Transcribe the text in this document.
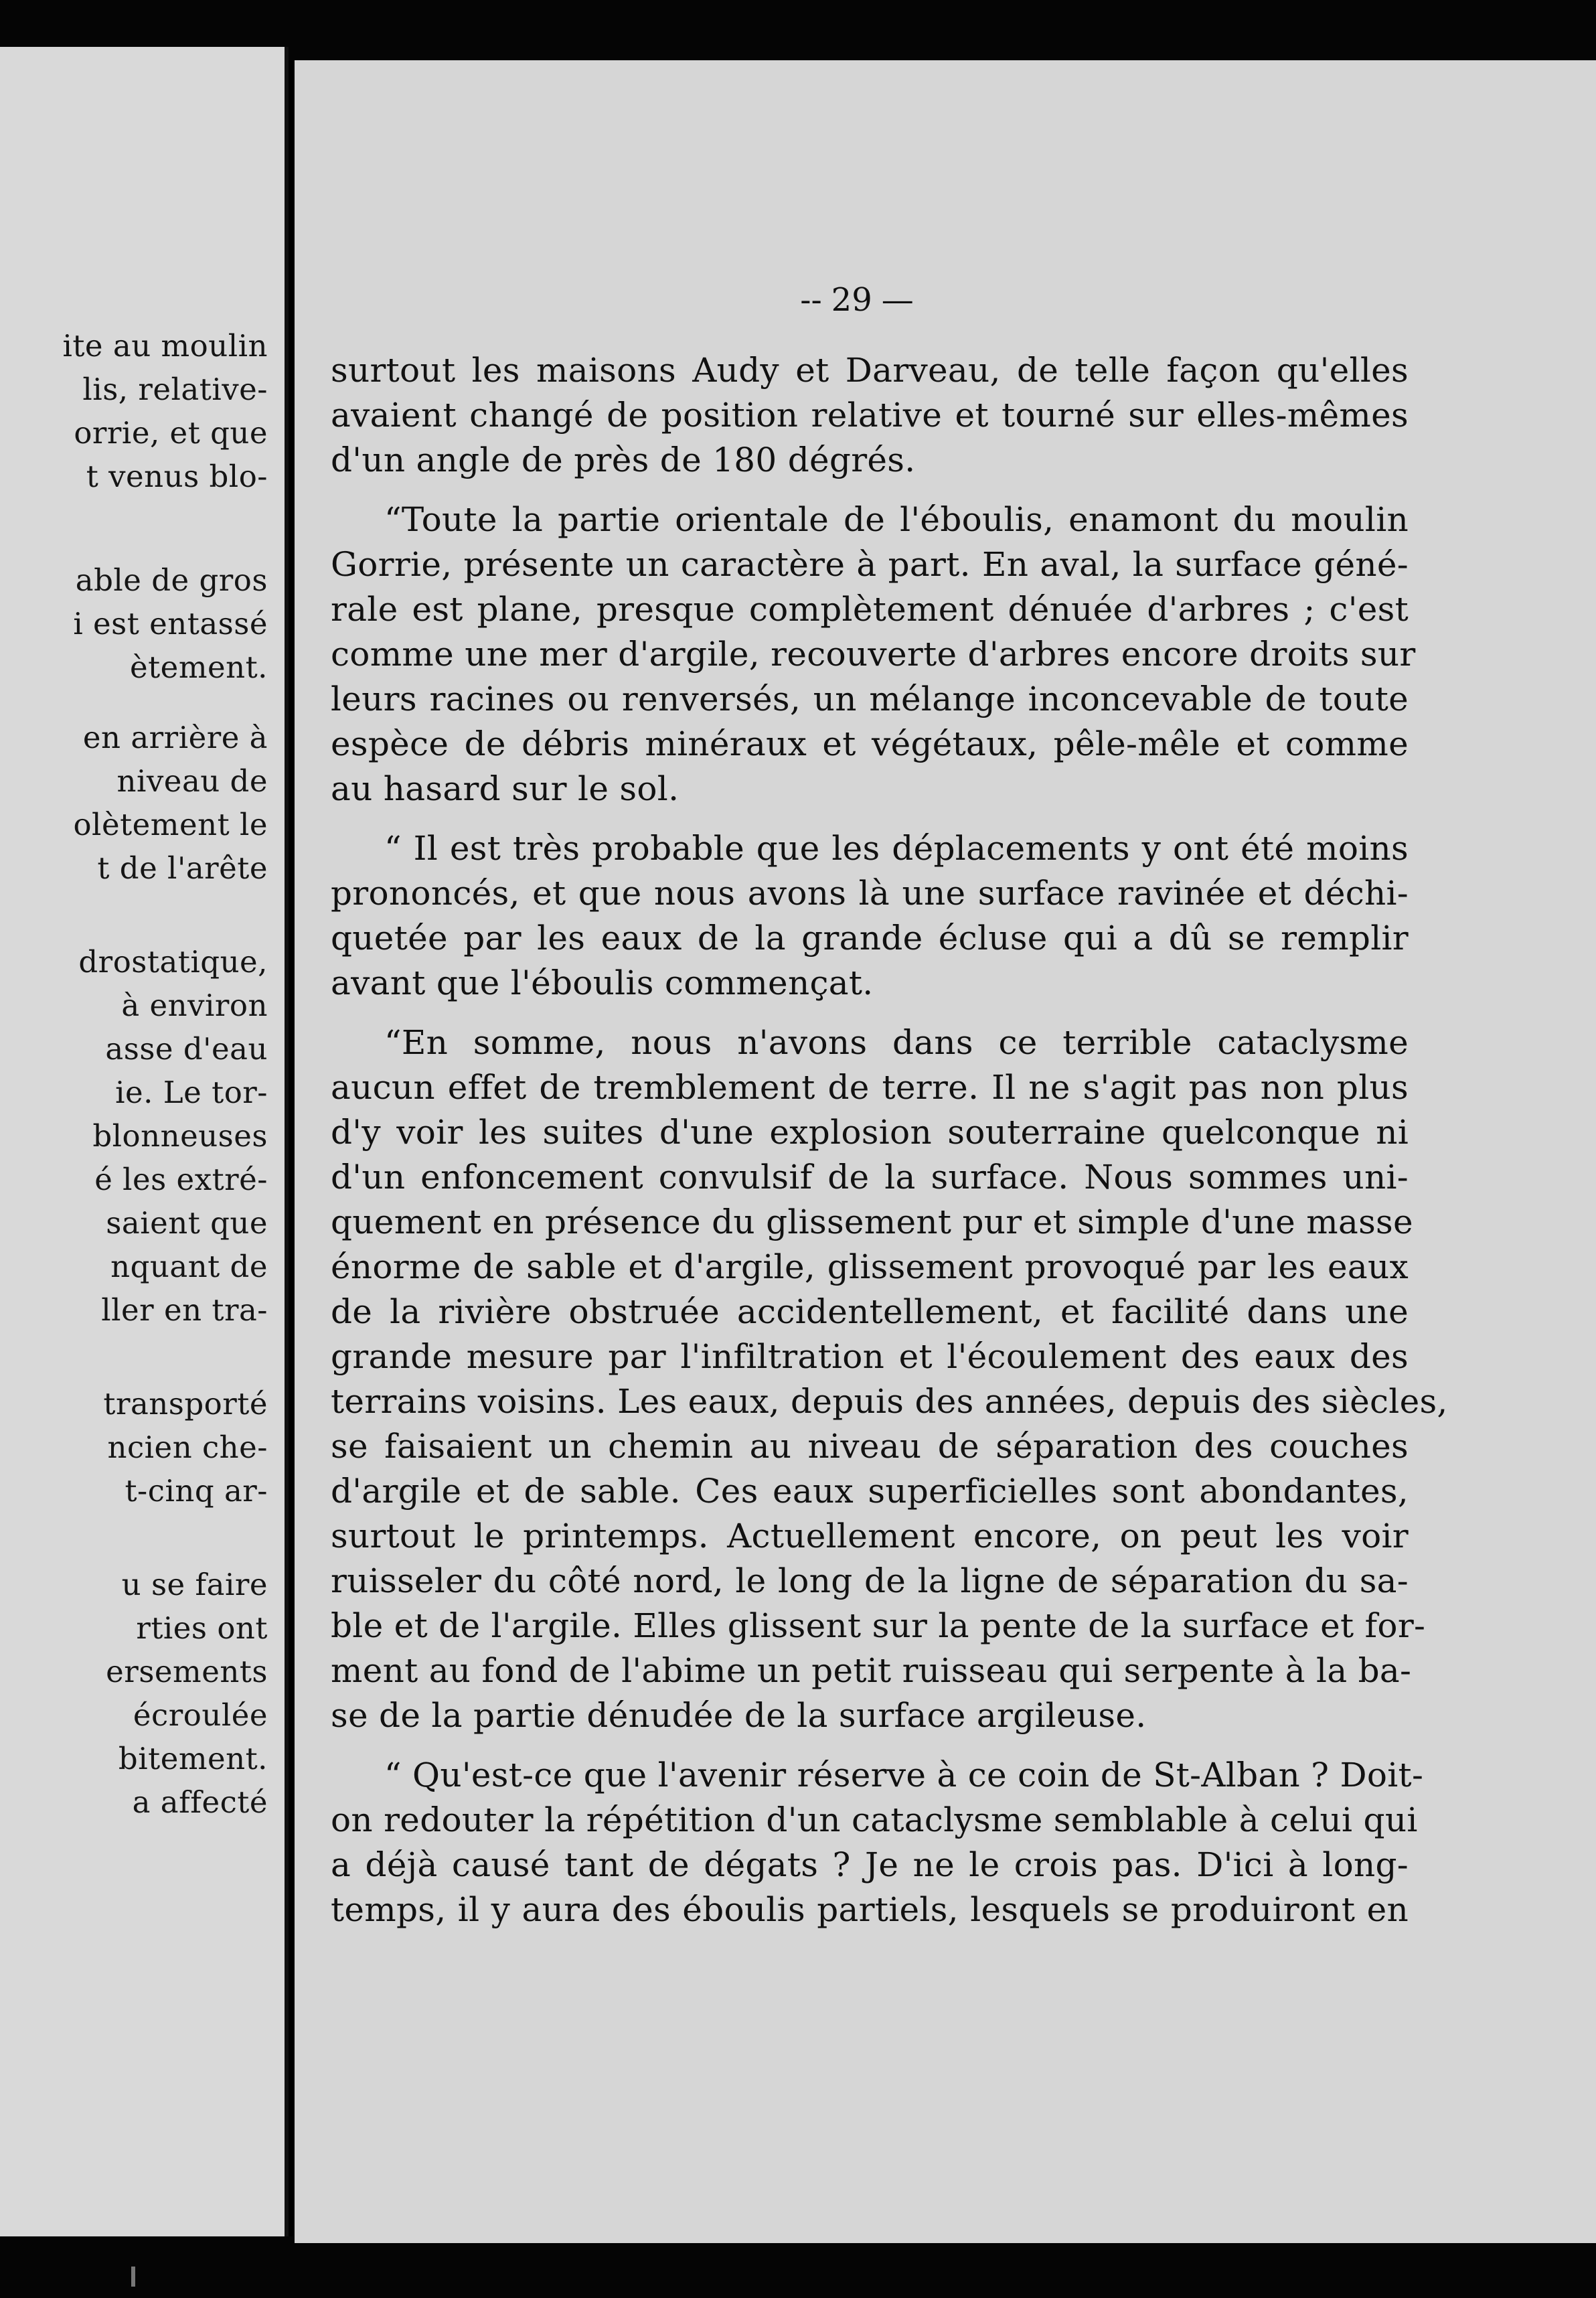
ite au moulin
lis, relative-
orrie, et que
t venus blo-
able de gros
i est entassé
ètement.
en arrière à
niveau de
olètement le
t de l'arête
drostatique,
à environ
asse d'eau
ie. Le tor-
blonneuses
é les extré-
saient que
nquant de
ller en tra-
transporté
ncien che-
t-cinq ar-
u se faire
rties ont
ersements
écroulée
bitement.
a affecté
-- 29 —
surtout les maisons Audy et Darveau, de telle façon qu'elles
avaient changé de position relative et tourné sur elles-mêmes
d'un angle de près de 180 dégrés.
“Toute la partie orientale de l'éboulis, enamont du moulin
Gorrie, présente un caractère à part. En aval, la surface géné-
rale est plane, presque complètement dénuée d'arbres ; c'est
comme une mer d'argile, recouverte d'arbres encore droits sur
leurs racines ou renversés, un mélange inconcevable de toute
espèce de débris minéraux et végétaux, pêle-mêle et comme
au hasard sur le sol.
“ Il est très probable que les déplacements y ont été moins
prononcés, et que nous avons là une surface ravinée et déchi-
quetée par les eaux de la grande écluse qui a dû se remplir
avant que l'éboulis commençat.
“En somme, nous n'avons dans ce terrible cataclysme
aucun effet de tremblement de terre. Il ne s'agit pas non plus
d'y voir les suites d'une explosion souterraine quelconque ni
d'un enfoncement convulsif de la surface. Nous sommes uni-
quement en présence du glissement pur et simple d'une masse
énorme de sable et d'argile, glissement provoqué par les eaux
de la rivière obstruée accidentellement, et facilité dans une
grande mesure par l'infiltration et l'écoulement des eaux des
terrains voisins. Les eaux, depuis des années, depuis des siècles,
se faisaient un chemin au niveau de séparation des couches
d'argile et de sable. Ces eaux superficielles sont abondantes,
surtout le printemps. Actuellement encore, on peut les voir
ruisseler du côté nord, le long de la ligne de séparation du sa-
ble et de l'argile. Elles glissent sur la pente de la surface et for-
ment au fond de l'abime un petit ruisseau qui serpente à la ba-
se de la partie dénudée de la surface argileuse.
“ Qu'est-ce que l'avenir réserve à ce coin de St-Alban ? Doit-
on redouter la répétition d'un cataclysme semblable à celui qui
a déjà causé tant de dégats ? Je ne le crois pas. D'ici à long-
temps, il y aura des éboulis partiels, lesquels se produiront en
